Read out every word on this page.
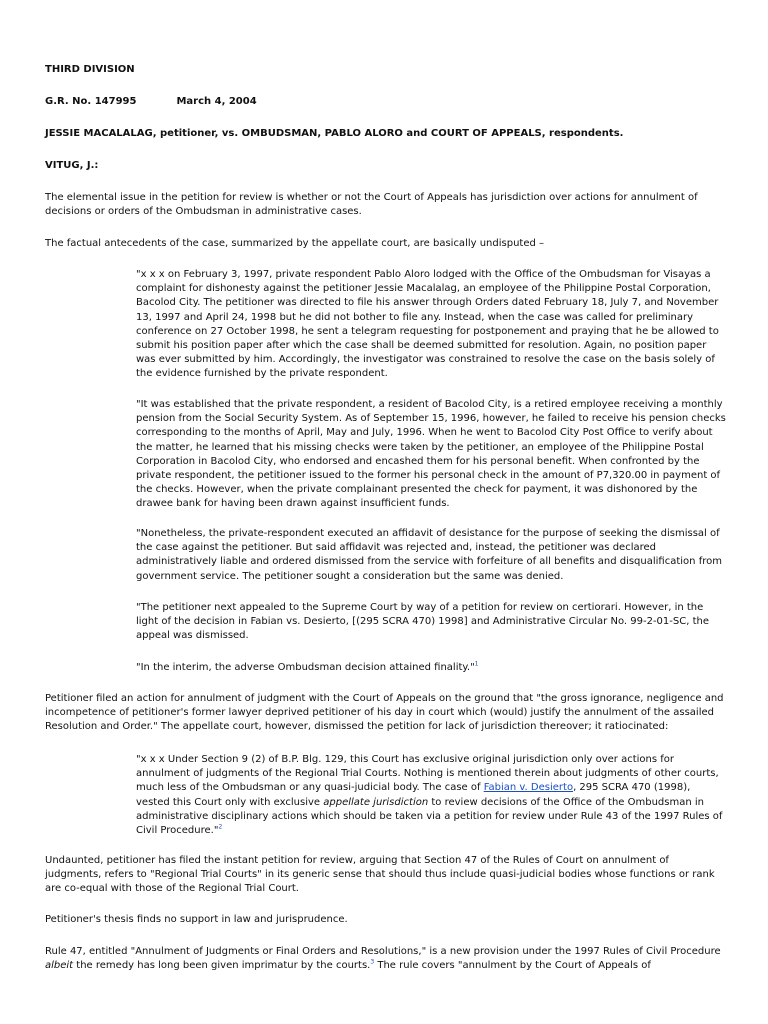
THIRD DIVISION

G.R. No. 147995	March 4, 2004

JESSIE MACALALAG, petitioner, vs. OMBUDSMAN, PABLO ALORO and COURT OF APPEALS, respondents.

VITUG, J.:

The elemental issue in the petition for review is whether or not the Court of Appeals has jurisdiction over actions for annulment of decisions or orders of the Ombudsman in administrative cases.

The factual antecedents of the case, summarized by the appellate court, are basically undisputed –

"x x x on February 3, 1997, private respondent Pablo Aloro lodged with the Office of the Ombudsman for Visayas a complaint for dishonesty against the petitioner Jessie Macalalag, an employee of the Philippine Postal Corporation, Bacolod City. The petitioner was directed to file his answer through Orders dated February 18, July 7, and November 13, 1997 and April 24, 1998 but he did not bother to file any. Instead, when the case was called for preliminary conference on 27 October 1998, he sent a telegram requesting for postponement and praying that he be allowed to submit his position paper after which the case shall be deemed submitted for resolution. Again, no position paper was ever submitted by him. Accordingly, the investigator was constrained to resolve the case on the basis solely of the evidence furnished by the private respondent.

"It was established that the private respondent, a resident of Bacolod City, is a retired employee receiving a monthly pension from the Social Security System. As of September 15, 1996, however, he failed to receive his pension checks corresponding to the months of April, May and July, 1996. When he went to Bacolod City Post Office to verify about the matter, he learned that his missing checks were taken by the petitioner, an employee of the Philippine Postal Corporation in Bacolod City, who endorsed and encashed them for his personal benefit. When confronted by the private respondent, the petitioner issued to the former his personal check in the amount of P7,320.00 in payment of the checks. However, when the private complainant presented the check for payment, it was dishonored by the drawee bank for having been drawn against insufficient funds.

"Nonetheless, the private-respondent executed an affidavit of desistance for the purpose of seeking the dismissal of the case against the petitioner. But said affidavit was rejected and, instead, the petitioner was declared administratively liable and ordered dismissed from the service with forfeiture of all benefits and disqualification from government service. The petitioner sought a consideration but the same was denied.

"The petitioner next appealed to the Supreme Court by way of a petition for review on certiorari. However, in the light of the decision in Fabian vs. Desierto, [(295 SCRA 470) 1998] and Administrative Circular No. 99-2-01-SC, the appeal was dismissed.

"In the interim, the adverse Ombudsman decision attained finality."$^1$

Petitioner filed an action for annulment of judgment with the Court of Appeals on the ground that "the gross ignorance, negligence and incompetence of petitioner's former lawyer deprived petitioner of his day in court which (would) justify the annulment of the assailed Resolution and Order." The appellate court, however, dismissed the petition for lack of jurisdiction thereover; it ratiocinated:

"x x x Under Section 9 (2) of B.P. Blg. 129, this Court has exclusive original jurisdiction only over actions for annulment of judgments of the Regional Trial Courts. Nothing is mentioned therein about judgments of other courts, much less of the Ombudsman or any quasi-judicial body. The case of Fabian v. Desierto, 295 SCRA 470 (1998), vested this Court only with exclusive appellate jurisdiction to review decisions of the Office of the Ombudsman in administrative disciplinary actions which should be taken via a petition for review under Rule 43 of the 1997 Rules of Civil Procedure."$^2$

Undaunted, petitioner has filed the instant petition for review, arguing that Section 47 of the Rules of Court on annulment of judgments, refers to "Regional Trial Courts" in its generic sense that should thus include quasi-judicial bodies whose functions or rank are co-equal with those of the Regional Trial Court.

Petitioner's thesis finds no support in law and jurisprudence.

Rule 47, entitled "Annulment of Judgments or Final Orders and Resolutions," is a new provision under the 1997 Rules of Civil Procedure albeit the remedy has long been given imprimatur by the courts.$^3$ The rule covers "annulment by the Court of Appeals of
